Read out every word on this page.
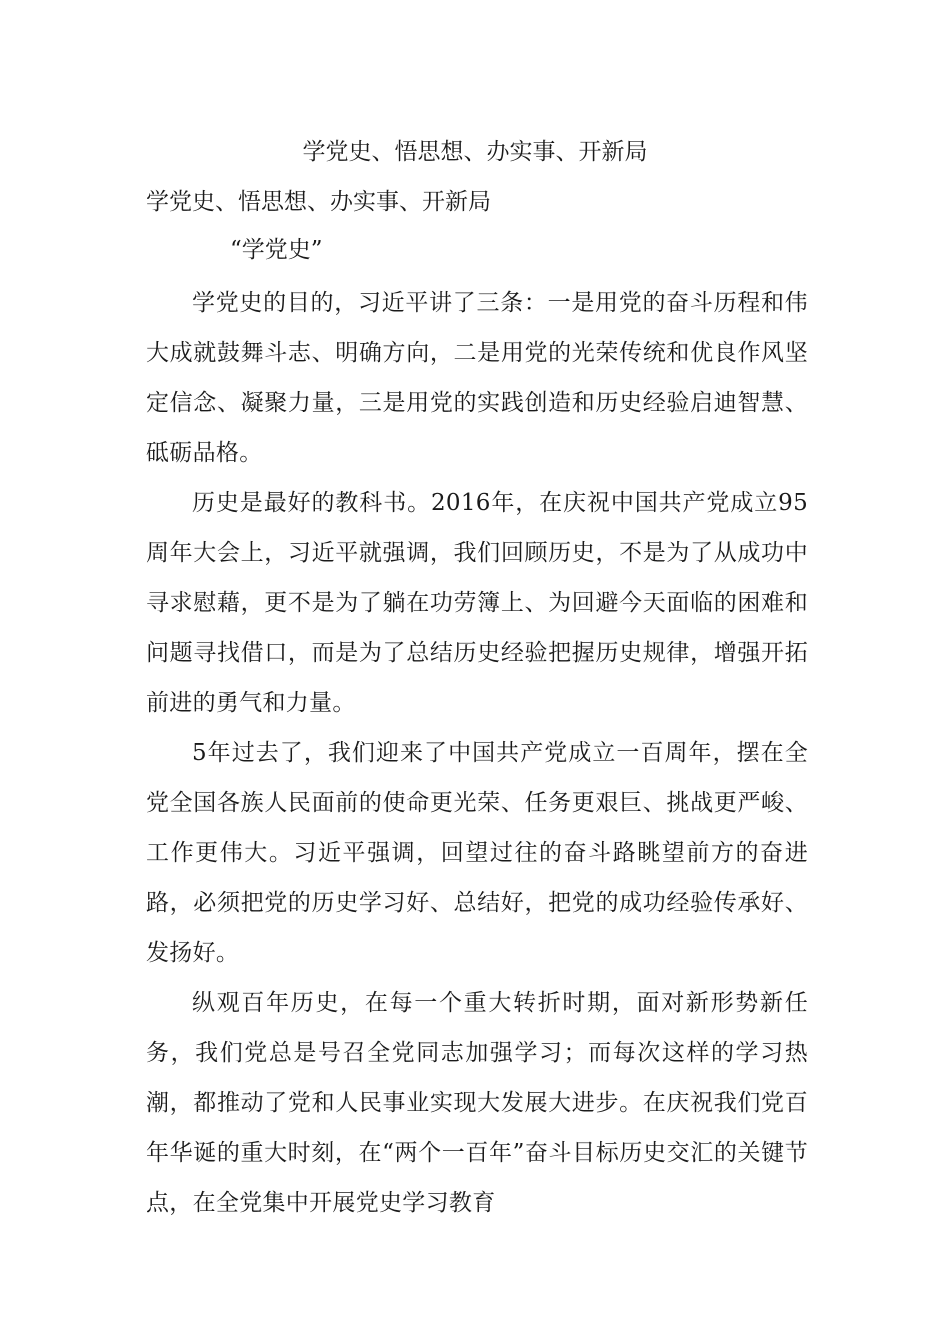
学党史、悟思想、办实事、开新局
学党史、悟思想、办实事、开新局
“学党史”

学党史的目的，习近平讲了三条：一是用党的奋斗历程和伟大成就鼓舞斗志、明确方向，二是用党的光荣传统和优良作风坚定信念、凝聚力量，三是用党的实践创造和历史经验启迪智慧、砥砺品格。

历史是最好的教科书。2016年，在庆祝中国共产党成立95周年大会上，习近平就强调，我们回顾历史，不是为了从成功中寻求慰藉，更不是为了躺在功劳簿上、为回避今天面临的困难和问题寻找借口，而是为了总结历史经验把握历史规律，增强开拓前进的勇气和力量。

5年过去了，我们迎来了中国共产党成立一百周年，摆在全党全国各族人民面前的使命更光荣、任务更艰巨、挑战更严峻、工作更伟大。习近平强调，回望过往的奋斗路眺望前方的奋进路，必须把党的历史学习好、总结好，把党的成功经验传承好、发扬好。

纵观百年历史，在每一个重大转折时期，面对新形势新任务，我们党总是号召全党同志加强学习；而每次这样的学习热潮，都推动了党和人民事业实现大发展大进步。在庆祝我们党百年华诞的重大时刻，在“两个一百年”奋斗目标历史交汇的关键节点，在全党集中开展党史学习教育
